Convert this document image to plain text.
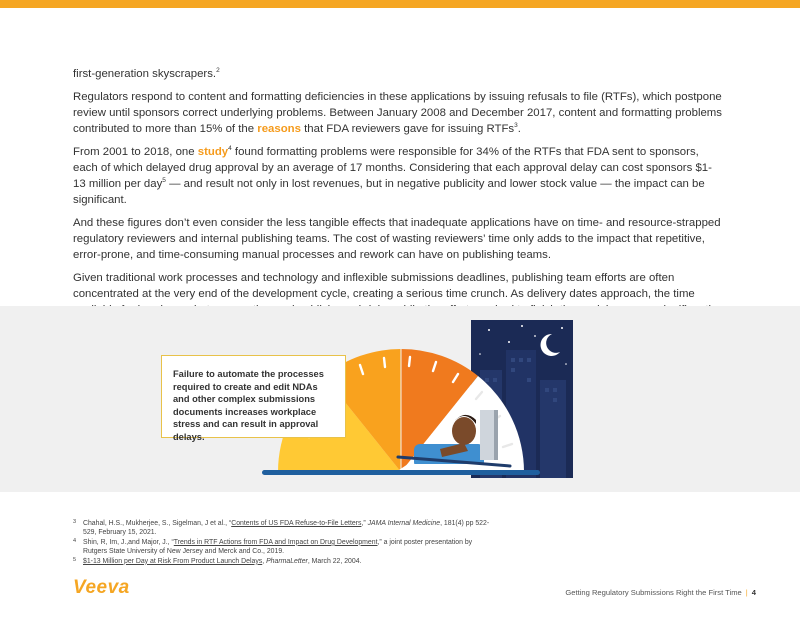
first-generation skyscrapers.$^2$

Regulators respond to content and formatting deficiencies in these applications by issuing refusals to file (RTFs), which postpone review until sponsors correct underlying problems. Between January 2008 and December 2017, content and formatting problems contributed to more than 15% of the reasons that FDA reviewers gave for issuing RTFs$^3$.

From 2001 to 2018, one study$^4$ found formatting problems were responsible for 34% of the RTFs that FDA sent to sponsors, each of which delayed drug approval by an average of 17 months. Considering that each approval delay can cost sponsors $1-13 million per day$^5$ — and result not only in lost revenues, but in negative publicity and lower stock value — the impact can be significant.

And these figures don’t even consider the less tangible effects that inadequate applications have on time- and resource-strapped regulatory reviewers and internal publishing teams. The cost of wasting reviewers’ time only adds to the impact that repetitive, error-prone, and time-consuming manual processes and rework can have on publishing teams.

Given traditional work processes and technology and inflexible submissions deadlines, publishing team efforts are often concentrated at the very end of the development cycle, creating a serious time crunch. As delivery dates approach, the time

Failure to automate the processes required to create and edit NDAs and other complex submissions documents increases workplace stress and can result in approval delays.

3 Chahal, H.S., Mukherjee, S., Sigelman, J et al., “Contents of US FDA Refuse-to-File Letters,” JAMA Internal Medicine, 181(4) pp 522-529, February 15, 2021.

4 Shin, R, Im, J.,and Major, J., “Trends in RTF Actions from FDA and Impact on Drug Development,” a joint poster presentation by Rutgers State University of New Jersey and Merck and Co., 2019.

5 $1-13 Million per Day at Risk From Product Launch Delays, PharmaLetter, March 22, 2004.

Veeva	Getting Regulatory Submissions Right the First Time | 4
